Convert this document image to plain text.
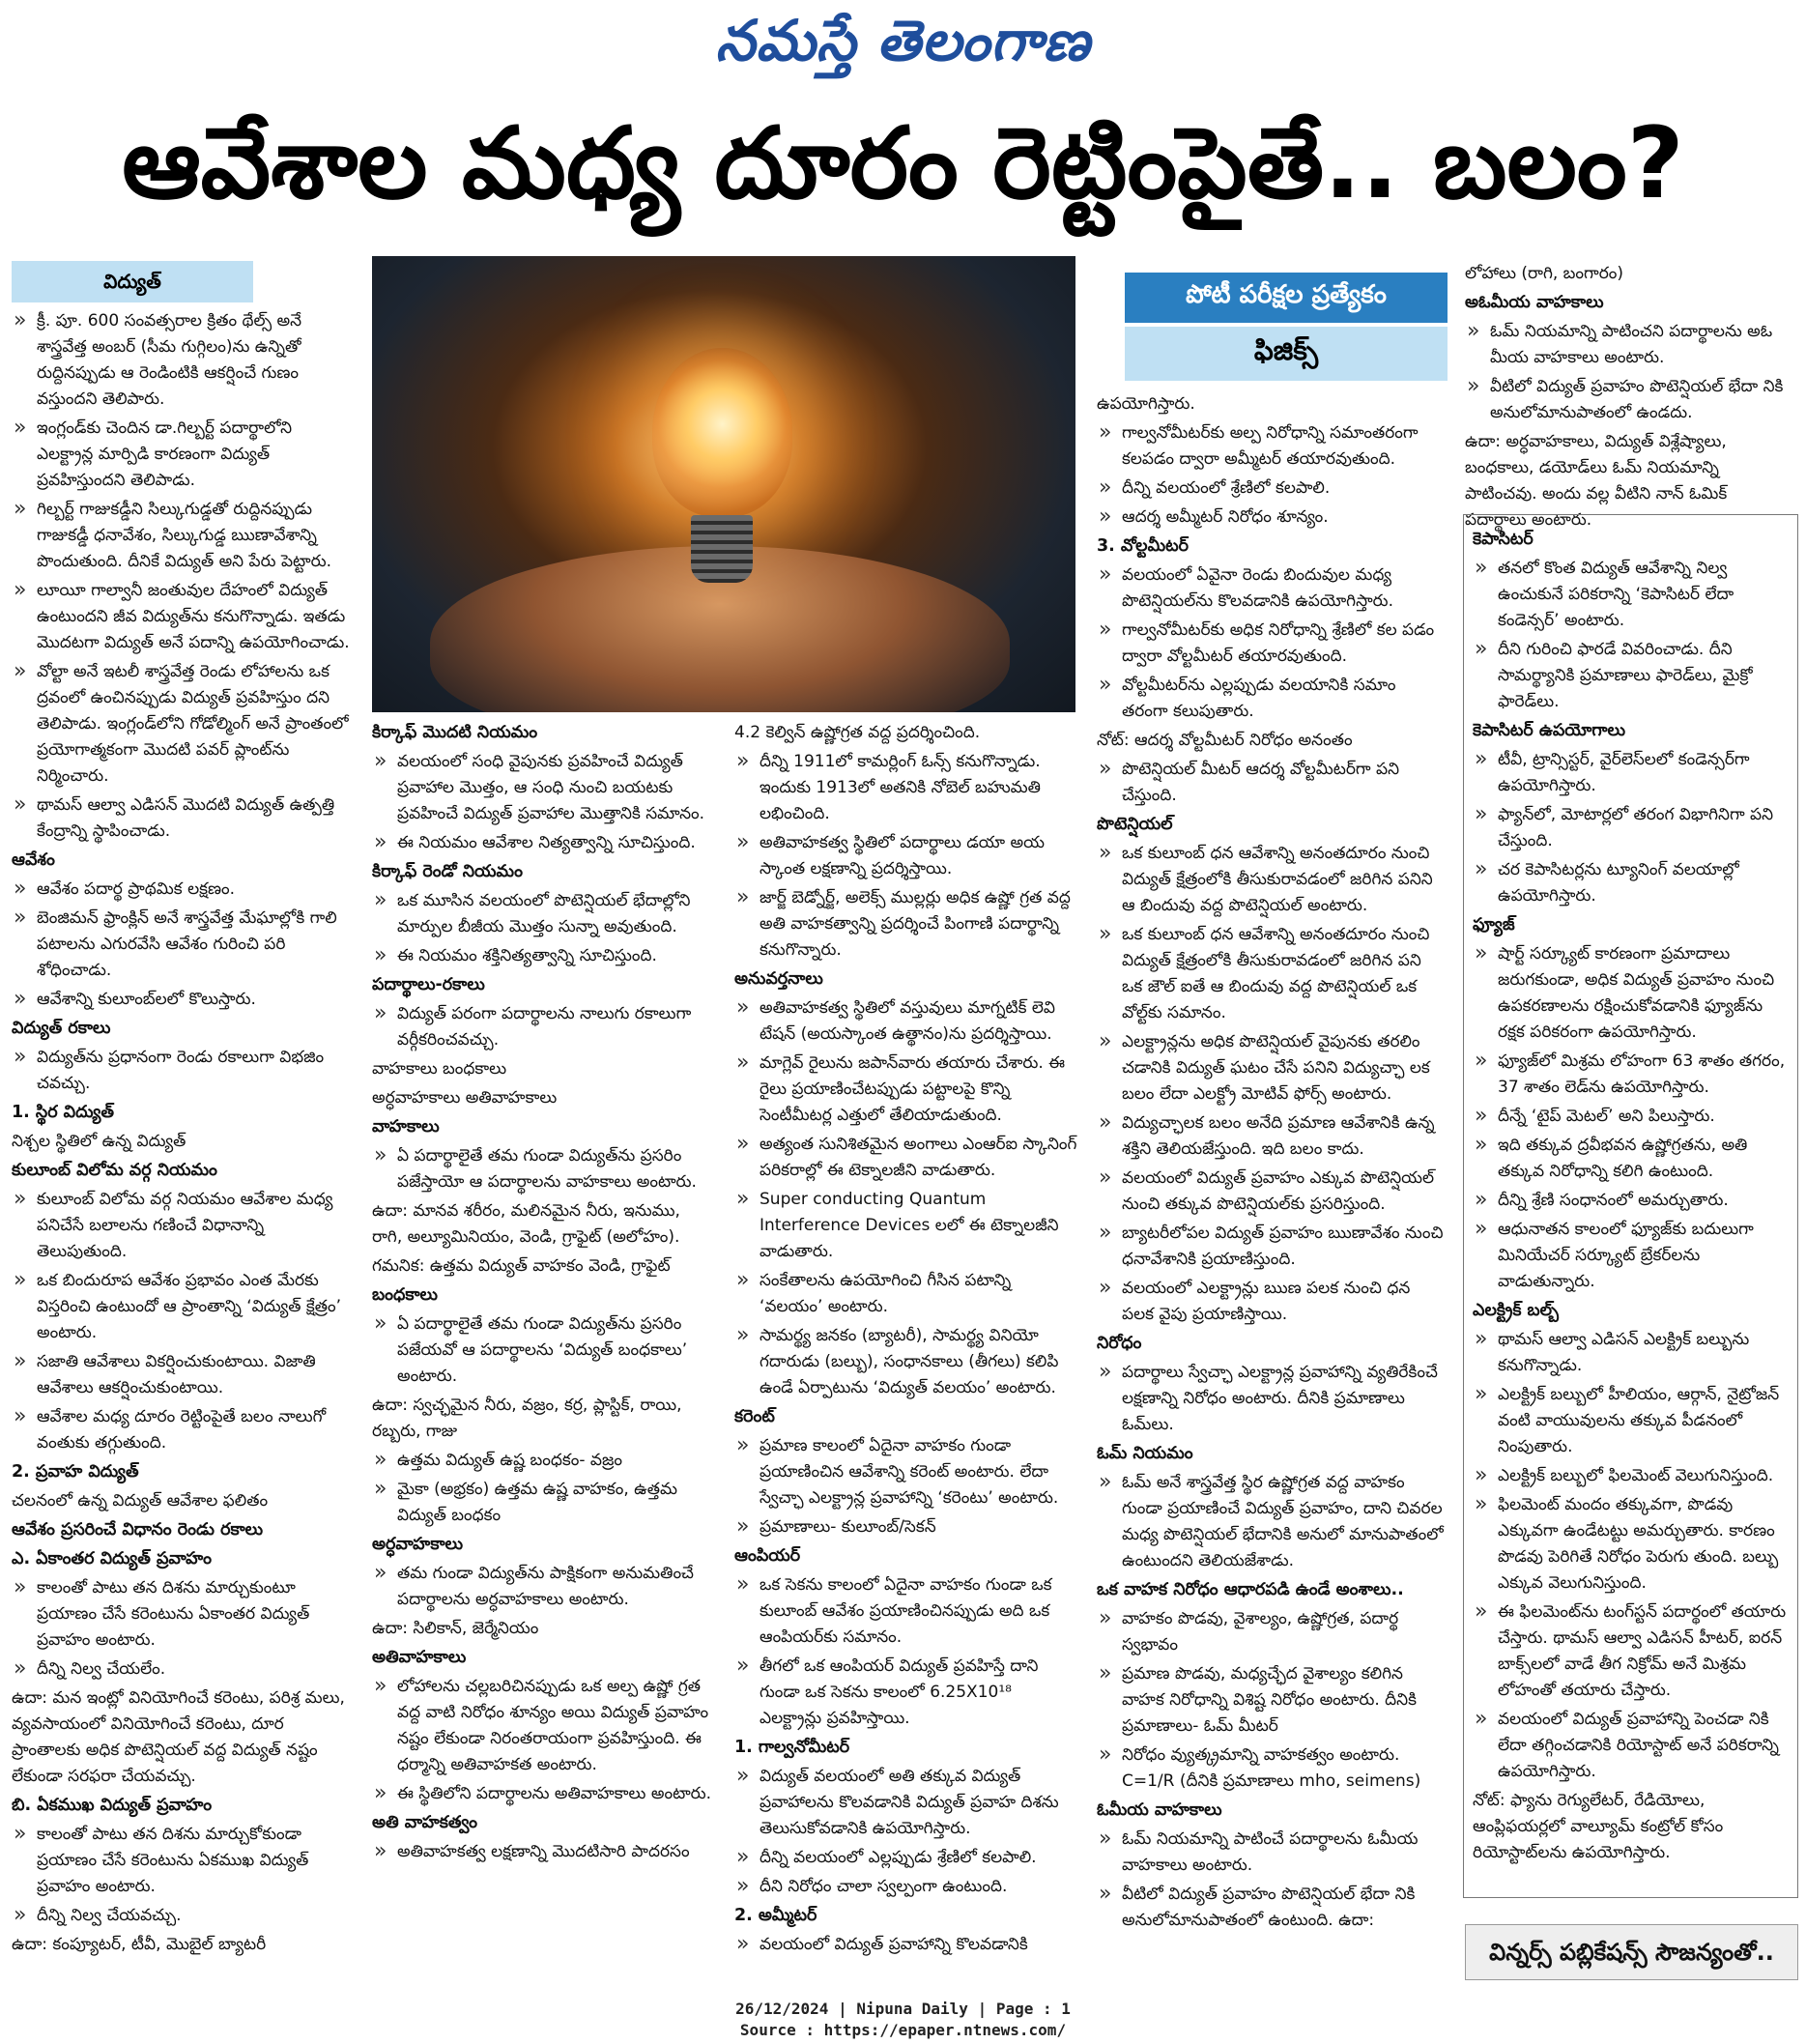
నమస్తే తెలంగాణ
ఆవేశాల మధ్య దూరం రెట్టింపైతే.. బలం?

విద్యుత్

» క్రీ. పూ. 600 సంవత్సరాల క్రితం థేల్స్ అనే శాస్త్రవేత్త అంబర్ (సీమ గుగ్గిలం)ను ఉన్నితో రుద్దినప్పుడు ఆ రెండింటికి ఆకర్షించే గుణం వస్తుందని తెలిపారు.

» ఇంగ్లండ్‌కు చెందిన డా.గిల్బర్ట్ పదార్థాలోని ఎలక్ట్రాన్ల మార్పిడి కారణంగా విద్యుత్ ప్రవహిస్తుందని తెలిపాడు.

» గిల్బర్ట్ గాజుకడ్డీని సిల్కుగుడ్డతో రుద్దినప్పుడు గాజుకడ్డీ ధనావేశం, సిల్కుగుడ్డ ఋణావేశాన్ని పొందుతుంది. దీనికే విద్యుత్ అని పేరు పెట్టారు.

» లూయీ గాల్వానీ జంతువుల దేహంలో విద్యుత్ ఉంటుందని జీవ విద్యుత్‌ను కనుగొన్నాడు. ఇతడు మొదటగా విద్యుత్ అనే పదాన్ని ఉపయోగించాడు.

» వోల్టా అనే ఇటలీ శాస్త్రవేత్త రెండు లోహాలను ఒక ద్రవంలో ఉంచినప్పుడు విద్యుత్ ప్రవహిస్తుం దని తెలిపాడు. ఇంగ్లండ్‌లోని గోడోల్మింగ్ అనే ప్రాంతంలో ప్రయోగాత్మకంగా మొదటి పవర్ ప్లాంట్‌ను నిర్మించారు.

» థామస్ ఆల్వా ఎడిసన్ మొదటి విద్యుత్ ఉత్పత్తి కేంద్రాన్ని స్థాపించాడు.

ఆవేశం

» ఆవేశం పదార్థ ప్రాథమిక లక్షణం.

» బెంజిమన్ ఫ్రాంక్లిన్ అనే శాస్త్రవేత్త మేఘాల్లోకి గాలి పటాలను ఎగురవేసి ఆవేశం గురించి పరి శోధించాడు.

» ఆవేశాన్ని కులూంబ్‌లలో కొలుస్తారు.

విద్యుత్ రకాలు

» విద్యుత్‌ను ప్రధానంగా రెండు రకాలుగా విభజిం చవచ్చు.

1. స్థిర విద్యుత్

నిశ్చల స్థితిలో ఉన్న విద్యుత్

కులూంబ్ విలోమ వర్గ నియమం

» కులూంబ్ విలోమ వర్గ నియమం ఆవేశాల మధ్య పనిచేసే బలాలను గణించే విధానాన్ని తెలుపుతుంది.

» ఒక బిందురూప ఆవేశం ప్రభావం ఎంత మేరకు విస్తరించి ఉంటుందో ఆ ప్రాంతాన్ని ‘విద్యుత్ క్షేత్రం’ అంటారు.

» సజాతి ఆవేశాలు వికర్షించుకుంటాయి. విజాతి ఆవేశాలు ఆకర్షించుకుంటాయి.

» ఆవేశాల మధ్య దూరం రెట్టింపైతే బలం నాలుగో వంతుకు తగ్గుతుంది.

2. ప్రవాహ విద్యుత్

చలనంలో ఉన్న విద్యుత్ ఆవేశాల ఫలితం

ఆవేశం ప్రసరించే విధానం రెండు రకాలు

ఎ. ఏకాంతర విద్యుత్ ప్రవాహం

» కాలంతో పాటు తన దిశను మార్చుకుంటూ ప్రయాణం చేసే కరెంటును ఏకాంతర విద్యుత్ ప్రవాహం అంటారు.

» దీన్ని నిల్వ చేయలేం.

ఉదా: మన ఇంట్లో వినియోగించే కరెంటు, పరిశ్ర మలు, వ్యవసాయంలో వినియోగించే కరెంటు, దూర ప్రాంతాలకు అధిక పొటెన్షియల్ వద్ద విద్యుత్ నష్టం లేకుండా సరఫరా చేయవచ్చు.

బి. ఏకముఖ విద్యుత్ ప్రవాహం

» కాలంతో పాటు తన దిశను మార్చుకోకుండా ప్రయాణం చేసే కరెంటును ఏకముఖ విద్యుత్ ప్రవాహం అంటారు.

» దీన్ని నిల్వ చేయవచ్చు.

ఉదా: కంప్యూటర్, టీవీ, మొబైల్ బ్యాటరీ

కిర్కాఫ్ మొదటి నియమం

» వలయంలో సంధి వైపునకు ప్రవహించే విద్యుత్ ప్రవాహాల మొత్తం, ఆ సంధి నుంచి బయటకు ప్రవహించే విద్యుత్ ప్రవాహాల మొత్తానికి సమానం.

» ఈ నియమం ఆవేశాల నిత్యత్వాన్ని సూచిస్తుంది.

కిర్కాఫ్ రెండో నియమం

» ఒక మూసిన వలయంలో పొటెన్షియల్ భేదాల్లోని మార్పుల బీజీయ మొత్తం సున్నా అవుతుంది.

» ఈ నియమం శక్తినిత్యత్వాన్ని సూచిస్తుంది.

పదార్థాలు-రకాలు

» విద్యుత్ పరంగా పదార్థాలను నాలుగు రకాలుగా వర్గీకరించవచ్చు.

వాహకాలు బంధకాలు

అర్ధవాహకాలు అతివాహకాలు

వాహకాలు

» ఏ పదార్థాలైతే తమ గుండా విద్యుత్‌ను ప్రసరిం పజేస్తాయో ఆ పదార్థాలను వాహకాలు అంటారు.

ఉదా: మానవ శరీరం, మలినమైన నీరు, ఇనుము, రాగి, అల్యూమినియం, వెండి, గ్రాఫైట్ (అలోహం).

గమనిక: ఉత్తమ విద్యుత్ వాహకం వెండి, గ్రాఫైట్

బంధకాలు

» ఏ పదార్థాలైతే తమ గుండా విద్యుత్‌ను ప్రసరిం పజేయవో ఆ పదార్థాలను ‘విద్యుత్ బంధకాలు’ అంటారు.

ఉదా: స్వచ్ఛమైన నీరు, వజ్రం, కర్ర, ప్లాస్టిక్, రాయి, రబ్బరు, గాజు

» ఉత్తమ విద్యుత్ ఉష్ణ బంధకం- వజ్రం

» మైకా (అభ్రకం) ఉత్తమ ఉష్ణ వాహకం, ఉత్తమ విద్యుత్ బంధకం

అర్ధవాహకాలు

» తమ గుండా విద్యుత్‌ను పాక్షికంగా అనుమతించే పదార్థాలను అర్ధవాహకాలు అంటారు.

ఉదా: సిలికాన్, జెర్మేనియం

అతివాహకాలు

» లోహాలను చల్లబరిచినప్పుడు ఒక అల్ప ఉష్ణో గ్రత వద్ద వాటి నిరోధం శూన్యం అయి విద్యుత్ ప్రవాహం నష్టం లేకుండా నిరంతరాయంగా ప్రవహిస్తుంది. ఈ ధర్మాన్ని అతివాహకత అంటారు.

» ఈ స్థితిలోని పదార్థాలను అతివాహకాలు అంటారు.

అతి వాహకత్వం

» అతివాహకత్వ లక్షణాన్ని మొదటిసారి పాదరసం

4.2 కెల్విన్ ఉష్ణోగ్రత వద్ద ప్రదర్శించింది.

» దీన్ని 1911లో కామర్లింగ్ ఓన్స్ కనుగొన్నాడు. ఇందుకు 1913లో అతనికి నోబెల్ బహుమతి లభించింది.

» అతివాహకత్వ స్థితిలో పదార్థాలు డయా అయ స్కాంత లక్షణాన్ని ప్రదర్శిస్తాయి.

» జార్జ్ బెడ్నోర్జ్, అలెక్స్ ముల్లర్లు అధిక ఉష్ణో గ్రత వద్ద అతి వాహకత్వాన్ని ప్రదర్శించే పింగాణి పదార్థాన్ని కనుగొన్నారు.

అనువర్తనాలు

» అతివాహకత్వ స్థితిలో వస్తువులు మాగ్నటిక్ లెవి టేషన్ (అయస్కాంత ఉత్థానం)ను ప్రదర్శిస్తాయి.

» మాగ్లెవ్ రైలును జపాన్‌వారు తయారు చేశారు. ఈ రైలు ప్రయాణించేటప్పుడు పట్టాలపై కొన్ని సెంటీమీటర్ల ఎత్తులో తేలియాడుతుంది.

» అత్యంత సునిశిత‌మైన అంగాలు ఎంఆర్ఐ స్కానింగ్ పరికరాల్లో ఈ టెక్నాలజీని వాడుతారు.

» Super conducting Quantum Interference Devices లలో ఈ టెక్నాలజీని వాడుతారు.

» సంకేతాలను ఉపయోగించి గీసిన పటాన్ని ‘వలయం’ అంటారు.

» సామర్థ్య జనకం (బ్యాటరీ), సామర్థ్య వినియో గదారుడు (బల్బు), సంధానకాలు (తీగలు) కలిపి ఉండే ఏర్పాటును ‘విద్యుత్ వలయం’ అంటారు.

కరెంట్

» ప్రమాణ కాలంలో ఏదైనా వాహకం గుండా ప్రయాణించిన ఆవేశాన్ని కరెంట్ అంటారు. లేదా స్వేచ్ఛా ఎలక్ట్రాన్ల ప్రవాహాన్ని ‘కరెంటు’ అంటారు.

» ప్రమాణాలు- కులూంబ్/సెకన్

ఆంపియర్

» ఒక సెకను కాలంలో ఏదైనా వాహకం గుండా ఒక కులూంబ్ ఆవేశం ప్రయాణించినప్పుడు అది ఒక ఆంపియర్‌కు సమానం.

» తీగలో ఒక ఆంపియర్ విద్యుత్ ప్రవహిస్తే దాని గుండా ఒక సెకను కాలంలో 6.25X10¹⁸ ఎలక్ట్రాన్లు ప్రవహిస్తాయి.

1. గాల్వనోమీటర్

» విద్యుత్ వలయంలో అతి తక్కువ విద్యుత్ ప్రవాహాలను కొలవడానికి విద్యుత్ ప్రవాహ దిశను తెలుసుకోవడానికి ఉపయోగిస్తారు.

» దీన్ని వలయంలో ఎల్లప్పుడు శ్రేణిలో కలపాలి.

» దీని నిరోధం చాలా స్వల్పంగా ఉంటుంది.

2. అమ్మీటర్

» వలయంలో విద్యుత్ ప్రవాహాన్ని కొలవడానికి

పోటీ పరీక్షల ప్రత్యేకం
ఫిజిక్స్

ఉపయోగిస్తారు.

» గాల్వనోమీటర్‌కు అల్ప నిరోధాన్ని సమాంతరంగా కలపడం ద్వారా అమ్మీటర్ తయారవుతుంది.

» దీన్ని వలయంలో శ్రేణిలో కలపాలి.

» ఆదర్శ అమ్మీటర్ నిరోధం శూన్యం.

3. వోల్టమీటర్

» వలయంలో ఏవైనా రెండు బిందువుల మధ్య పొటెన్షియల్‌ను కొలవడానికి ఉపయోగిస్తారు.

» గాల్వనోమీటర్‌కు అధిక నిరోధాన్ని శ్రేణిలో కల పడం ద్వారా వోల్టమీటర్ తయారవుతుంది.

» వోల్టమీటర్‌ను ఎల్లప్పుడు వలయానికి సమాం తరంగా కలుపుతారు.

నోట్: ఆదర్శ వోల్టమీటర్ నిరోధం అనంతం

» పొటెన్షియల్ మీటర్ ఆదర్శ వోల్టమీటర్‌గా పని చేస్తుంది.

పొటెన్షియల్

» ఒక కులూంబ్ ధన ఆవేశాన్ని అనంతదూరం నుంచి విద్యుత్ క్షేత్రంలోకి తీసుకురావడంలో జరిగిన పనిని ఆ బిందువు వద్ద పొటెన్షియల్ అంటారు.

» ఒక కులూంబ్ ధన ఆవేశాన్ని అనంతదూరం నుంచి విద్యుత్ క్షేత్రంలోకి తీసుకురావడంలో జరిగిన పని ఒక జౌల్ ఐతే ఆ బిందువు వద్ద పొటెన్షియల్ ఒక వోల్ట్‌కు సమానం.

» ఎలక్ట్రాన్లను అధిక పొటెన్షియల్ వైపునకు తరలిం చడానికి విద్యుత్ ఘటం చేసే పనిని విద్యుచ్ఛా లక బలం లేదా ఎలక్ట్రో మోటివ్ ఫోర్స్ అంటారు.

» విద్యుచ్ఛాలక బలం అనేది ప్రమాణ ఆవేశానికి ఉన్న శక్తిని తెలియజేస్తుంది. ఇది బలం కాదు.

» వలయంలో విద్యుత్ ప్రవాహం ఎక్కువ పొటెన్షియల్ నుంచి తక్కువ పొటెన్షియల్‌కు ప్రసరిస్తుంది.

» బ్యాటరీలోపల విద్యుత్ ప్రవాహం ఋణావేశం నుంచి ధనావేశానికి ప్రయాణిస్తుంది.

» వలయంలో ఎలక్ట్రాన్లు ఋణ పలక నుంచి ధన పలక వైపు ప్రయాణిస్తాయి.

నిరోధం

» పదార్థాలు స్వేచ్ఛా ఎలక్ట్రాన్ల ప్రవాహాన్ని వ్యతిరేకించే లక్షణాన్ని నిరోధం అంటారు. దీనికి ప్రమాణాలు ఓమ్‌లు.

ఓమ్ నియమం

» ఓమ్ అనే శాస్త్రవేత్త స్థిర ఉష్ణోగ్రత వద్ద వాహకం గుండా ప్రయాణించే విద్యుత్ ప్రవాహం, దాని చివరల మధ్య పొటెన్షియల్ భేదానికి అనులో మానుపాతంలో ఉంటుందని తెలియజేశాడు.

ఒక వాహక నిరోధం ఆధారపడి ఉండే అంశాలు..

» వాహకం పొడవు, వైశాల్యం, ఉష్ణోగ్రత, పదార్థ స్వభావం

» ప్రమాణ పొడవు, మధ్యచ్ఛేద వైశాల్యం కలిగిన వాహక నిరోధాన్ని విశిష్ట నిరోధం అంటారు. దీనికి ప్రమాణాలు- ఓమ్ మీటర్

» నిరోధం వ్యుత్క్రమాన్ని వాహకత్వం అంటారు. C=1/R (దీనికి ప్రమాణాలు mho, seimens)

ఓమీయ వాహకాలు

» ఓమ్ నియమాన్ని పాటించే పదార్థాలను ఓమీయ వాహకాలు అంటారు.

» వీటిలో విద్యుత్ ప్రవాహం పొటెన్షియల్ భేదా నికి అనులోమానుపాతంలో ఉంటుంది. ఉదా:

లోహాలు (రాగి, బంగారం)

అఓమీయ వాహకాలు

» ఓమ్ నియమాన్ని పాటించని పదార్థాలను అఓ మీయ వాహకాలు అంటారు.

» వీటిలో విద్యుత్ ప్రవాహం పొటెన్షియల్ భేదా నికి అనులోమానుపాతంలో ఉండదు.

ఉదా: అర్ధవాహకాలు, విద్యుత్ విశ్లేష్యాలు, బంధకాలు, డయోడ్‌లు ఓమ్ నియమాన్ని పాటించవు. అందు వల్ల వీటిని నాన్ ఓమిక్ పదార్థాలు అంటారు.

కెపాసిటర్

» తనలో కొంత విద్యుత్ ఆవేశాన్ని నిల్వ ఉంచుకునే పరికరాన్ని ‘కెపాసిటర్ లేదా కండెన్సర్’ అంటారు.

» దీని గురించి ఫారడే వివరించాడు. దీని సామర్థ్యానికి ప్రమాణాలు ఫారెడ్‌లు, మైక్రో ఫారెడ్‌లు.

కెపాసిటర్ ఉపయోగాలు

» టీవీ, ట్రాన్సిస్టర్, వైర్‌లెస్‌లలో కండెన్సర్‌గా ఉపయోగిస్తారు.

» ఫ్యాన్‌లో, మోటార్లలో తరంగ విభాగినిగా పని చేస్తుంది.

» చర కెపాసిటర్లను ట్యూనింగ్ వలయాల్లో ఉపయోగిస్తారు.

ఫ్యూజ్

» షార్ట్ సర్క్యూట్ కారణంగా ప్రమాదాలు జరుగకుండా, అధిక విద్యుత్ ప్రవాహం నుంచి ఉపకరణాలను రక్షించుకోవడానికి ఫ్యూజ్‌ను రక్షక పరికరంగా ఉపయోగిస్తారు.

» ఫ్యూజ్‌లో మిశ్రమ లోహంగా 63 శాతం తగరం, 37 శాతం లెడ్‌ను ఉపయోగిస్తారు.

» దీన్నే ‘టైప్ మెటల్’ అని పిలుస్తారు.

» ఇది తక్కువ ద్రవీభవన ఉష్ణోగ్రతను, అతి తక్కువ నిరోధాన్ని కలిగి ఉంటుంది.

» దీన్ని శ్రేణి సంధానంలో అమర్చుతారు.

» ఆధునాతన కాలంలో ఫ్యూజ్‌కు బదులుగా మినియేచర్ సర్క్యూట్ బ్రేకర్‌లను వాడుతున్నారు.

ఎలక్ట్రిక్ బల్బ్

» థామస్ ఆల్వా ఎడిసన్ ఎలక్ట్రిక్ బల్బును కనుగొన్నాడు.

» ఎలక్ట్రిక్ బల్బులో హీలియం, ఆర్గాన్, నైట్రోజన్ వంటి వాయువులను తక్కువ పీడనంలో నింపుతారు.

» ఎలక్ట్రిక్ బల్బులో ఫిలమెంట్ వెలుగునిస్తుంది.

» ఫిలమెంట్ మందం తక్కువగా, పొడవు ఎక్కువగా ఉండేటట్టు అమర్చుతారు. కారణం పొడవు పెరిగితే నిరోధం పెరుగు తుంది. బల్బు ఎక్కువ వెలుగునిస్తుంది.

» ఈ ఫిలమెంట్‌ను టంగ్‌స్టన్ పదార్థంలో తయారు చేస్తారు. థామస్ ఆల్వా ఎడిసన్ హీటర్, ఐరన్ బాక్స్‌లలో వాడే తీగ నిక్రోమ్ అనే మిశ్రమ లోహంతో తయారు చేస్తారు.

» వలయంలో విద్యుత్ ప్రవాహాన్ని పెంచడా నికి లేదా తగ్గించడానికి రియోస్టాట్ అనే పరికరాన్ని ఉపయోగిస్తారు.

నోట్: ఫ్యాను రెగ్యులేటర్, రేడియోలు, ఆంప్లిఫయర్లలో వాల్యూమ్ కంట్రోల్ కోసం రియోస్టాట్‌లను ఉపయోగిస్తారు.

విన్నర్స్ పబ్లికేషన్స్ సౌజన్యంతో..
26/12/2024 | Nipuna Daily | Page : 1
Source : https://epaper.ntnews.com/
